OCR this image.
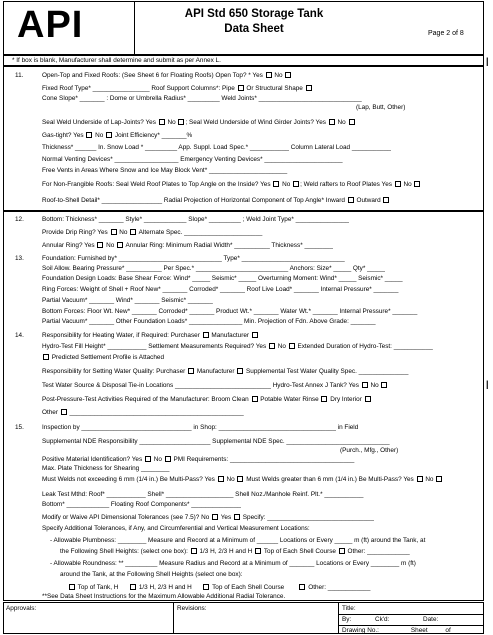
API	API Std 650 Storage Tank
Data Sheet	Page 2 of 8
* If box is blank, Manufacturer shall determine and submit as per Annex L.	|
11.	Open-Top and Fixed Roofs: (See Sheet 6 for Floating Roofs) Open Top? * Yes No
Fixed Roof Type* ________________ Roof Support Columns*: Pipe Or Structural Shape
Cone Slope* _______ : Dome or Umbrella Radius* _________ Weld Joints* _____________________________
(Lap, Butt, Other)
Seal Weld Underside of Lap-Joints? Yes No ; Seal Weld Underside of Wind Girder Joints? Yes No
Gas-tight? Yes No Joint Efficiency* _______%
Thickness* ______ In. Snow Load * _________ App. Suppl. Load Spec.* ___________ Column Lateral Load ___________
Normal Venting Devices* __________________ Emergency Venting Devices* ______________________
Free Vents in Areas Where Snow and Ice May Block Vent* ______________________
For Non-Frangible Roofs: Seal Weld Roof Plates to Top Angle on the Inside? Yes No ; Weld rafters to Roof Plates Yes No
Roof-to-Shell Detail* _________________ Radial Projection of Horizontal Component of Top Angle* Inward Outward
12.	Bottom: Thickness* _______ Style* ____________ Slope* _________ ; Weld Joint Type* _______________
Provide Drip Ring? Yes No Alternate Spec. ______________________
Annular Ring? Yes No Annular Ring: Minimum Radial Width* __________ Thickness* ________
13.	Foundation: Furnished by* _____________________________ Type* _____________________________
Soil Allow. Bearing Pressure* __________ Per Spec.* __________________________ Anchors: Size* _____ Qty* _____
Foundation Design Loads: Base Shear Force: Wind* _____ Seismic* _____ Overturning Moment: Wind* _____ Seismic* _____
Ring Forces: Weight of Shell + Roof New* _______ Corroded* _______ Roof Live Load* _______ Internal Pressure* _______
Partial Vacuum* _______ Wind* _______ Seismic* _______
Bottom Forces: Floor Wt. New* _______ Corroded* _______ Product Wt.* _______ Water Wt.* _______ Internal Pressure* _______
Partial Vacuum* _______ Other Foundation Loads* _______________ Min. Projection of Fdn. Above Grade: _______
14.	Responsibility for Heating Water, if Required: Purchaser Manufacturer
Hydro-Test Fill Height* ___________ Settlement Measurements Required? Yes No Extended Duration of Hydro-Test: ___________
Predicted Settlement Profile is Attached
Responsibility for Setting Water Quality: Purchaser Manufacturer Supplemental Test Water Quality Spec. ______________
Test Water Source & Disposal Tie-in Locations ___________________________ Hydro-Test Annex J Tank? Yes No	|
Post-Pressure-Test Activities Required of the Manufacturer: Broom Clean Potable Water Rinse Dry Interior
Other _________________________________________________
15.	Inspection by _______________________________ in Shop: _________________________________ in Field
Supplemental NDE Responsibility ____________________ Supplemental NDE Spec. _____________________________
(Purch., Mfg., Other)
Positive Material Identification? Yes No PMI Requirements: ___________________________________
Max. Plate Thickness for Shearing ________
Must Welds not exceeding 6 mm (1/4 in.) Be Multi-Pass? Yes No Must Welds greater than 6 mm (1/4 in.) Be Multi-Pass? Yes No
Leak Test Mthd: Roof* ___________ Shell* ___________________ Shell Noz./Manhole Reinf. Plt.* ___________
Bottom* ____________ Floating Roof Components* ______________
Modify or Waive API Dimensional Tolerances (see 7.5)? No Yes Specify: ______________________________
Specify Additional Tolerances, if Any, and Circumferential and Vertical Measurement Locations:
- Allowable Plumbness: ________ Measure and Record at a Minimum of ______ Locations or Every _____ m (ft) around the Tank, at
the Following Shell Heights: (select one box): 1/3 H, 2/3 H and H Top of Each Shell Course Other: ____________
- Allowable Roundness: ** _________ Measure Radius and Record at a Minimum of _______ Locations or Every ________ m (ft)
around the Tank, at the Following Shell Heights (select one box):
Top of Tank, H	1/3 H, 2/3 H and H	Top of Each Shell Course	Other: ____________
**See Data Sheet Instructions for the Maximum Allowable Additional Radial Tolerance.
Approvals:	Revisions:	Title:
By:	Ck'd:	Date:
Drawing No.: ________ Sheet ____ of ____
